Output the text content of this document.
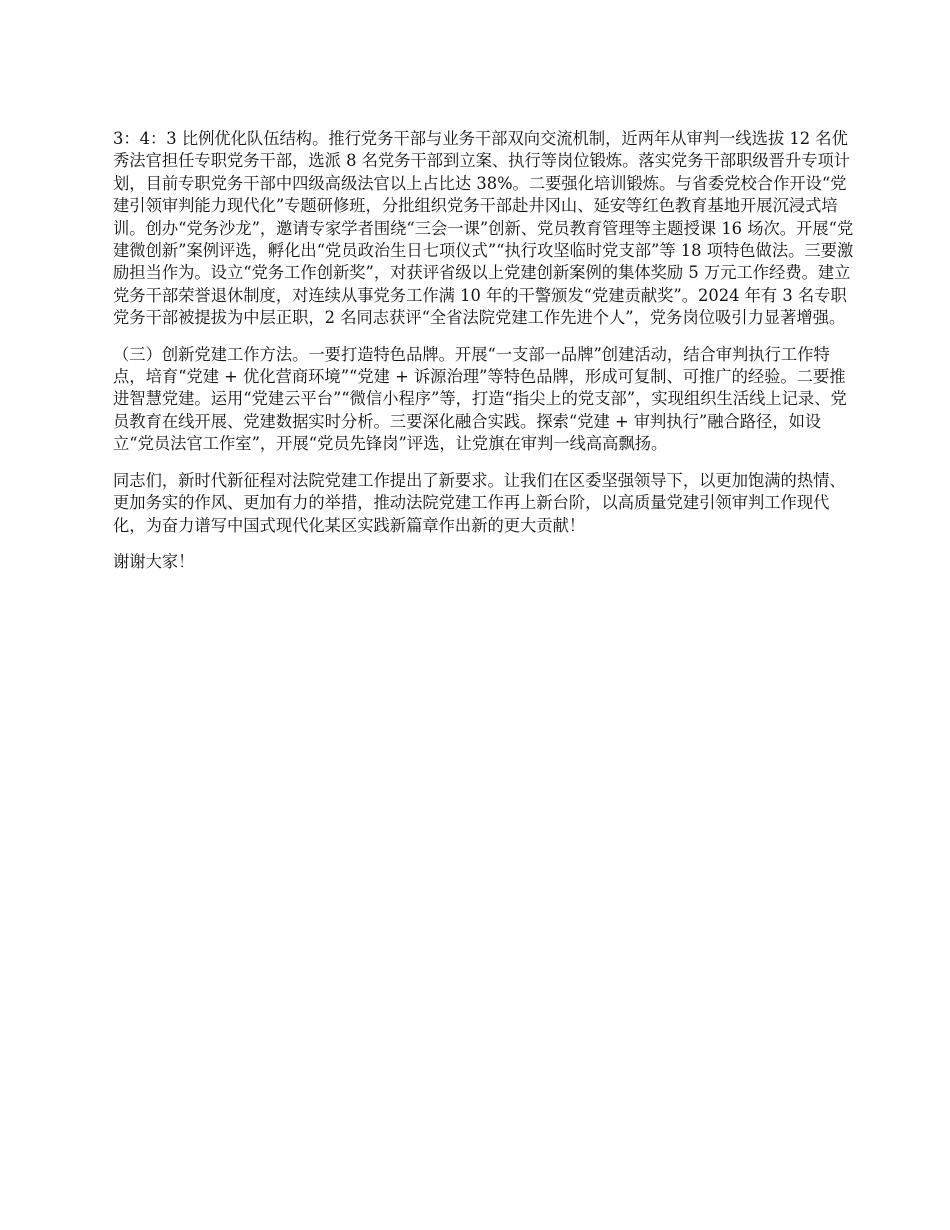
3：4：3 比例优化队伍结构。推行党务干部与业务干部双向交流机制，近两年从审判一线选拔 12 名优秀法官担任专职党务干部，选派 8 名党务干部到立案、执行等岗位锻炼。落实党务干部职级晋升专项计划，目前专职党务干部中四级高级法官以上占比达 38%。二要强化培训锻炼。与省委党校合作开设“党建引领审判能力现代化”专题研修班，分批组织党务干部赴井冈山、延安等红色教育基地开展沉浸式培训。创办“党务沙龙”，邀请专家学者围绕“三会一课”创新、党员教育管理等主题授课 16 场次。开展“党建微创新”案例评选，孵化出“党员政治生日七项仪式”“执行攻坚临时党支部”等 18 项特色做法。三要激励担当作为。设立“党务工作创新奖”，对获评省级以上党建创新案例的集体奖励 5 万元工作经费。建立党务干部荣誉退休制度，对连续从事党务工作满 10 年的干警颁发“党建贡献奖”。2024 年有 3 名专职党务干部被提拔为中层正职，2 名同志获评“全省法院党建工作先进个人”，党务岗位吸引力显著增强。

（三）创新党建工作方法。一要打造特色品牌。开展“一支部一品牌”创建活动，结合审判执行工作特点，培育“党建 + 优化营商环境”“党建 + 诉源治理”等特色品牌，形成可复制、可推广的经验。二要推进智慧党建。运用“党建云平台”“微信小程序”等，打造“指尖上的党支部”，实现组织生活线上记录、党员教育在线开展、党建数据实时分析。三要深化融合实践。探索“党建 + 审判执行”融合路径，如设立“党员法官工作室”，开展“党员先锋岗”评选，让党旗在审判一线高高飘扬。

同志们，新时代新征程对法院党建工作提出了新要求。让我们在区委坚强领导下，以更加饱满的热情、更加务实的作风、更加有力的举措，推动法院党建工作再上新台阶，以高质量党建引领审判工作现代化，为奋力谱写中国式现代化某区实践新篇章作出新的更大贡献！

谢谢大家！
